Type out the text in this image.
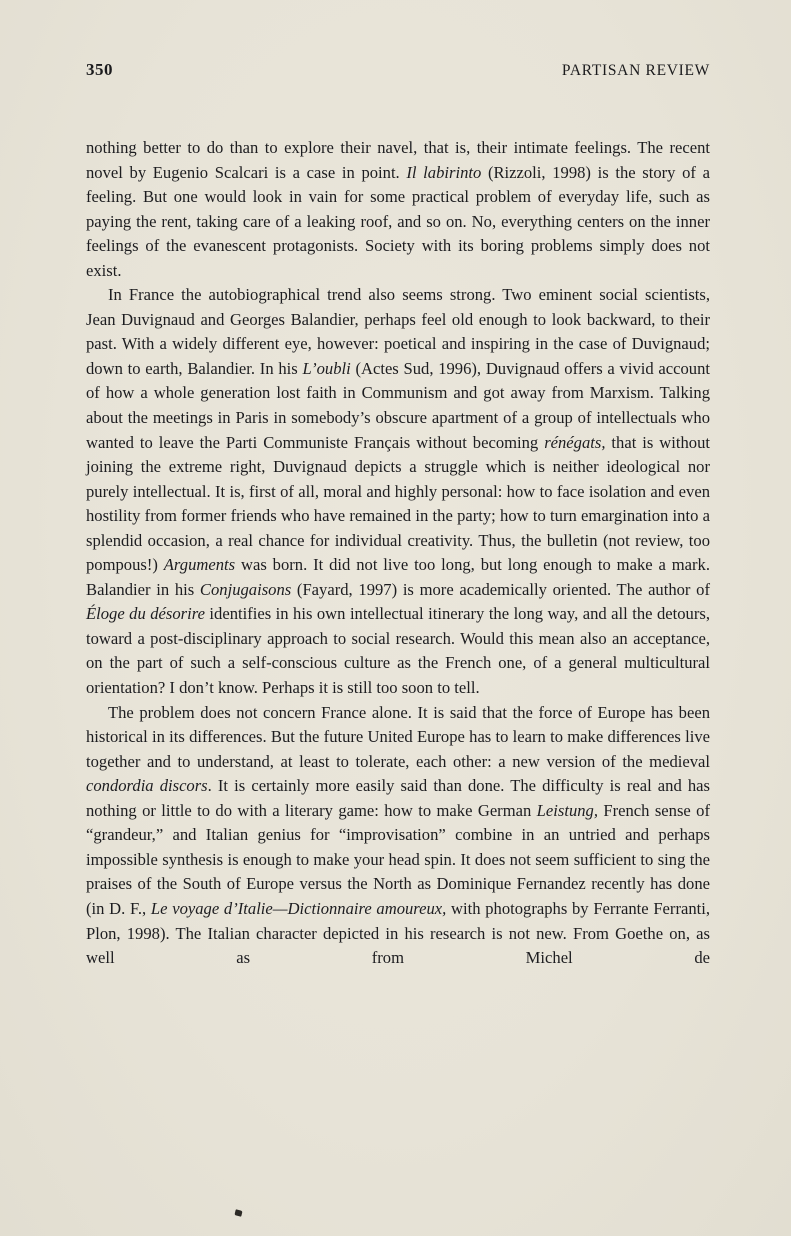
350	PARTISAN REVIEW

nothing better to do than to explore their navel, that is, their intimate feelings. The recent novel by Eugenio Scalcari is a case in point. Il labirinto (Rizzoli, 1998) is the story of a feeling. But one would look in vain for some practical problem of everyday life, such as paying the rent, taking care of a leaking roof, and so on. No, everything centers on the inner feelings of the evanescent protagonists. Society with its boring problems simply does not exist.

In France the autobiographical trend also seems strong. Two eminent social scientists, Jean Duvignaud and Georges Balandier, perhaps feel old enough to look backward, to their past. With a widely different eye, however: poetical and inspiring in the case of Duvignaud; down to earth, Balandier. In his L’oubli (Actes Sud, 1996), Duvignaud offers a vivid account of how a whole generation lost faith in Communism and got away from Marxism. Talking about the meetings in Paris in somebody’s obscure apartment of a group of intellectuals who wanted to leave the Parti Communiste Français without becoming rénégats, that is without joining the extreme right, Duvignaud depicts a struggle which is neither ideological nor purely intellectual. It is, first of all, moral and highly personal: how to face isolation and even hostility from former friends who have remained in the party; how to turn emargination into a splendid occasion, a real chance for individual creativity. Thus, the bulletin (not review, too pompous!) Arguments was born. It did not live too long, but long enough to make a mark. Balandier in his Conjugaisons (Fayard, 1997) is more academically oriented. The author of Éloge du désorire identifies in his own intellectual itinerary the long way, and all the detours, toward a post-disciplinary approach to social research. Would this mean also an acceptance, on the part of such a self-conscious culture as the French one, of a general multicultural orientation? I don’t know. Perhaps it is still too soon to tell.

The problem does not concern France alone. It is said that the force of Europe has been historical in its differences. But the future United Europe has to learn to make differences live together and to understand, at least to tolerate, each other: a new version of the medieval condordia discors. It is certainly more easily said than done. The difficulty is real and has nothing or little to do with a literary game: how to make German Leistung, French sense of “grandeur,” and Italian genius for “improvisation” combine in an untried and perhaps impossible synthesis is enough to make your head spin. It does not seem sufficient to sing the praises of the South of Europe versus the North as Dominique Fernandez recently has done (in D. F., Le voyage d’Italie—Dictionnaire amoureux, with photographs by Ferrante Ferranti, Plon, 1998). The Italian character depicted in his research is not new. From Goethe on, as well as from Michel de
